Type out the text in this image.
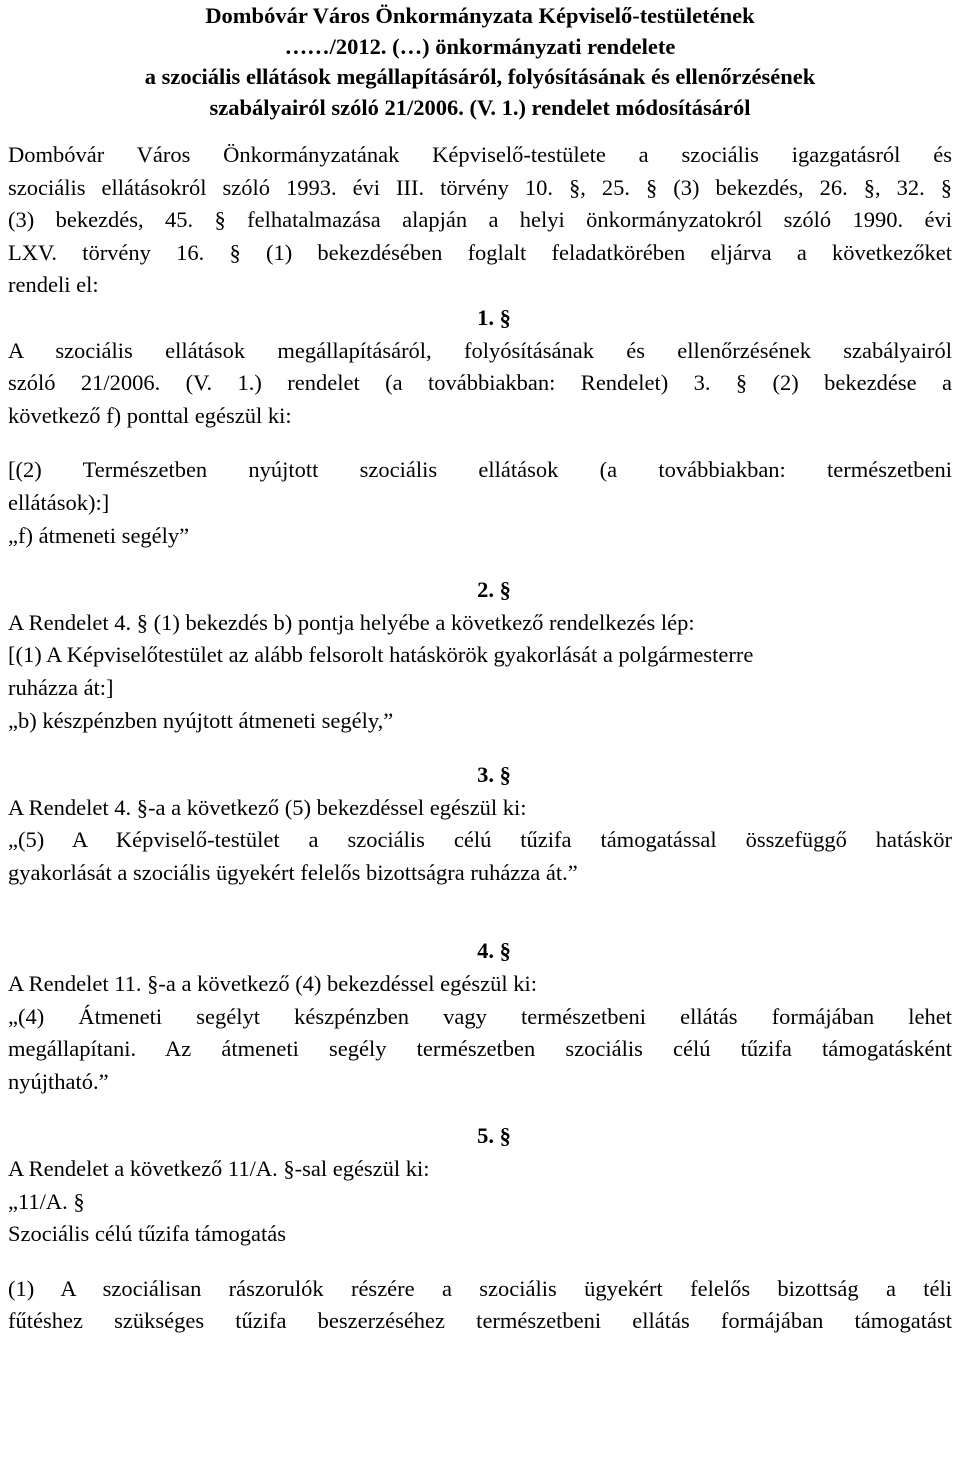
Dombóvár Város Önkormányzata Képviselő-testületének
……/2012. (…) önkormányzati rendelete
a szociális ellátások megállapításáról, folyósításának és ellenőrzésének
szabályairól szóló 21/2006. (V. 1.) rendelet módosításáról

Dombóvár Város Önkormányzatának Képviselő-testülete a szociális igazgatásról és

szociális ellátásokról szóló 1993. évi III. törvény 10. §, 25. § (3) bekezdés, 26. §, 32. §

(3) bekezdés, 45. § felhatalmazása alapján a helyi önkormányzatokról szóló 1990. évi

LXV. törvény 16. § (1) bekezdésében foglalt feladatkörében eljárva a következőket

rendeli el:

1. §

A szociális ellátások megállapításáról, folyósításának és ellenőrzésének szabályairól

szóló 21/2006. (V. 1.) rendelet (a továbbiakban: Rendelet) 3. § (2) bekezdése a

következő f) ponttal egészül ki:

[(2) Természetben nyújtott szociális ellátások (a továbbiakban: természetbeni

ellátások):]

„f) átmeneti segély”

2. §

A Rendelet 4. § (1) bekezdés b) pontja helyébe a következő rendelkezés lép:

[(1) A Képviselőtestület az alább felsorolt hatáskörök gyakorlását a polgármesterre

ruházza át:]

„b) készpénzben nyújtott átmeneti segély,”

3. §

A Rendelet 4. §-a a következő (5) bekezdéssel egészül ki:

„(5) A Képviselő-testület a szociális célú tűzifa támogatással összefüggő hatáskör

gyakorlását a szociális ügyekért felelős bizottságra ruházza át.”

4. §

A Rendelet 11. §-a a következő (4) bekezdéssel egészül ki:

„(4) Átmeneti segélyt készpénzben vagy természetbeni ellátás formájában lehet

megállapítani. Az átmeneti segély természetben szociális célú tűzifa támogatásként

nyújtható.”

5. §

A Rendelet a következő 11/A. §-sal egészül ki:

„11/A. §

Szociális célú tűzifa támogatás

(1) A szociálisan rászorulók részére a szociális ügyekért felelős bizottság a téli

fűtéshez szükséges tűzifa beszerzéséhez természetbeni ellátás formájában támogatást
